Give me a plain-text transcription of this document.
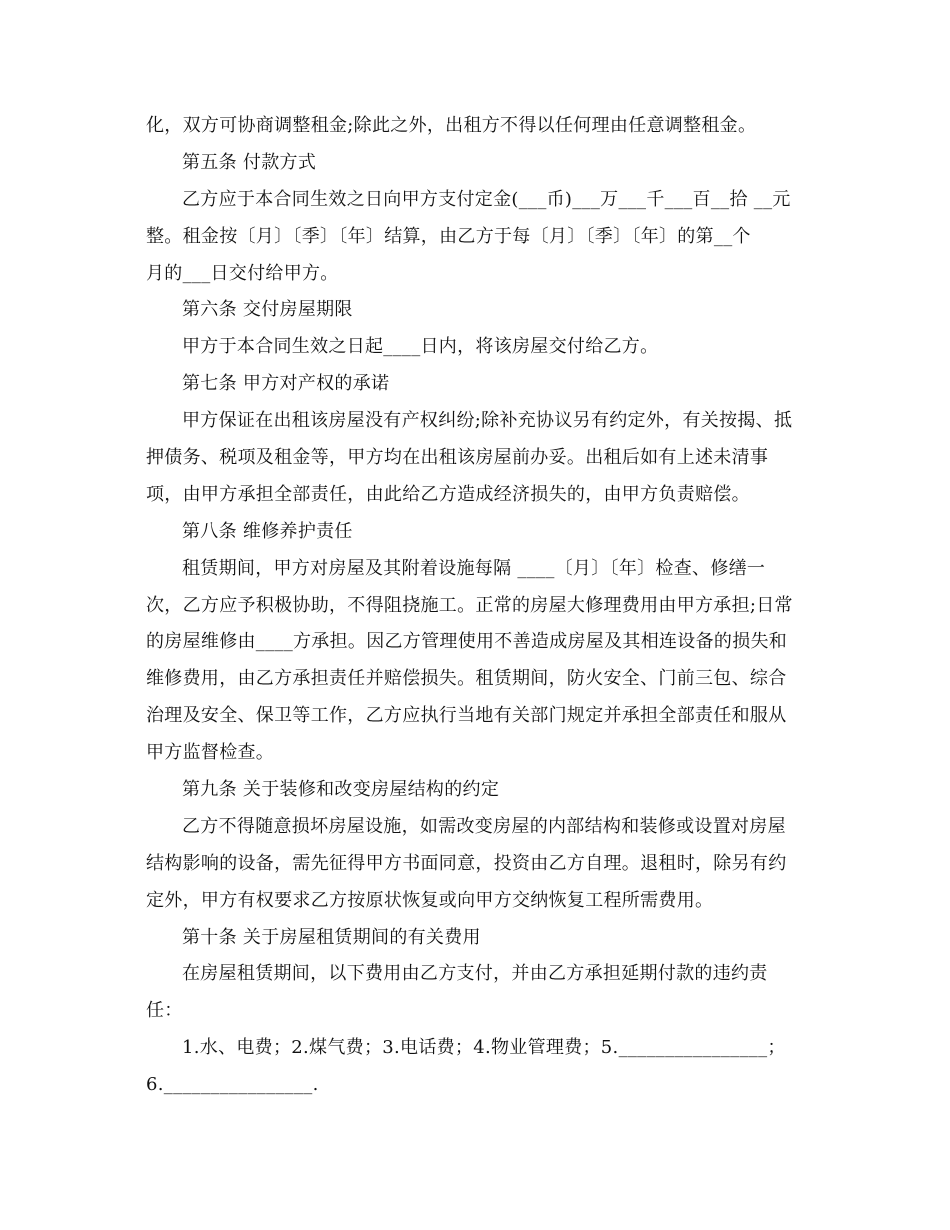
化，双方可协商调整租金;除此之外，出租方不得以任何理由任意调整租金。
第五条 付款方式
乙方应于本合同生效之日向甲方支付定金(___币)___万___千___百__拾 __元
整。租金按〔月〕〔季〕〔年〕结算，由乙方于每〔月〕〔季〕〔年〕的第__个
月的___日交付给甲方。
第六条 交付房屋期限
甲方于本合同生效之日起____日内，将该房屋交付给乙方。
第七条 甲方对产权的承诺
甲方保证在出租该房屋没有产权纠纷;除补充协议另有约定外，有关按揭、抵
押债务、税项及租金等，甲方均在出租该房屋前办妥。出租后如有上述未清事
项，由甲方承担全部责任，由此给乙方造成经济损失的，由甲方负责赔偿。
第八条 维修养护责任
租赁期间，甲方对房屋及其附着设施每隔 ____〔月〕〔年〕检查、修缮一
次，乙方应予积极协助，不得阻挠施工。正常的房屋大修理费用由甲方承担;日常
的房屋维修由____方承担。因乙方管理使用不善造成房屋及其相连设备的损失和
维修费用，由乙方承担责任并赔偿损失。租赁期间，防火安全、门前三包、综合
治理及安全、保卫等工作，乙方应执行当地有关部门规定并承担全部责任和服从
甲方监督检查。
第九条 关于装修和改变房屋结构的约定
乙方不得随意损坏房屋设施，如需改变房屋的内部结构和装修或设置对房屋
结构影响的设备，需先征得甲方书面同意，投资由乙方自理。退租时，除另有约
定外，甲方有权要求乙方按原状恢复或向甲方交纳恢复工程所需费用。
第十条 关于房屋租赁期间的有关费用
在房屋租赁期间，以下费用由乙方支付，并由乙方承担延期付款的违约责
任：
1.水、电费；2.煤气费；3.电话费；4.物业管理费；5.________________；
6.________________.
